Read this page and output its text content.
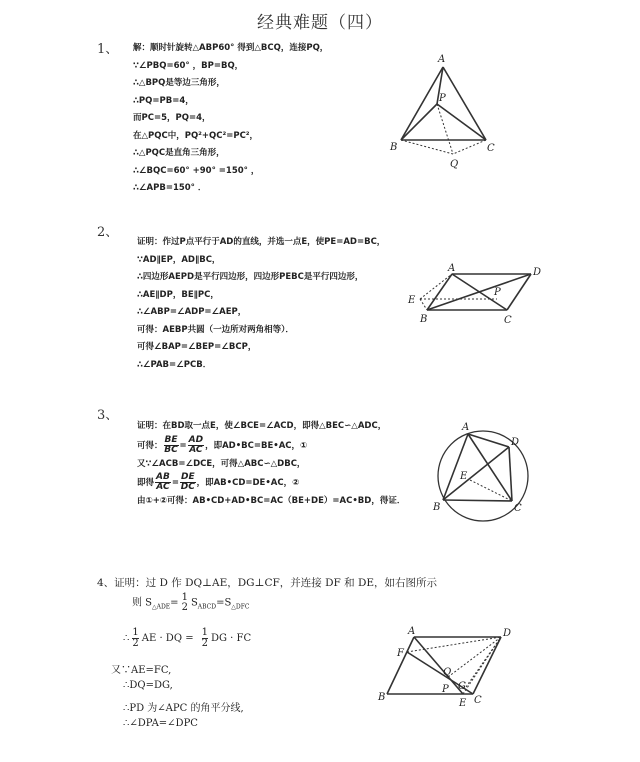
经典难题（四）
1、 解：顺时针旋转△ABP60° 得到△BCQ，连接PQ，
∵∠PBQ=60° ，BP=BQ，
∴△BPQ是等边三角形，
∴PQ=PB=4，
而PC=5，PQ=4，
在△PQC中，PQ²+QC²=PC²，
∴△PQC是直角三角形，
∴∠BQC=60° +90° =150° ，
∴∠APB=150° ．
A
P
B	C
Q
2、
证明：作过P点平行于AD的直线，并选一点E，使PE=AD=BC，
∵AD∥EP，AD∥BC，
∴四边形AEPD是平行四边形，四边形PEBC是平行四边形，
∴AE∥DP，BE∥PC，
∴∠ABP=∠ADP=∠AEP，
可得：AEBP共圆（一边所对两角相等）．
可得∠BAP=∠BEP=∠BCP，
∴∠PAB=∠PCB．
A	D
P
E
B	C
3、
证明：在BD取一点E，使∠BCE=∠ACD，即得△BEC∽△ADC，
可得： $\frac{BE}{BC} = \frac{AD}{AC}$ ，即AD•BC=BE•AC，①
又∵∠ACB=∠DCE，可得△ABC∽△DBC，
即得 $\frac{AB}{AC} = \frac{DE}{DC}$ ，即AB•CD=DE•AC，②
由①+②可得：AB•CD+AD•BC=AC（BE+DE）=AC•BD，得证．
A
D
E
B	C
4、证明：过 D 作 DQ⊥AE，DG⊥CF，并连接 DF 和 DE，如右图所示
则 $S_{\triangle ADE}= 1$
2 $S_{ABCD}=S_{\triangle DFC}$
∴ $\frac{1}{2}$ AE · DQ = $\frac{1}{2}$ DG · FC
又∵AE=FC,
∴DQ=DG,
∴PD 为∠APC 的角平分线,
∴∠DPA=∠DPC
A	D
F
Q
P G
B
E C
